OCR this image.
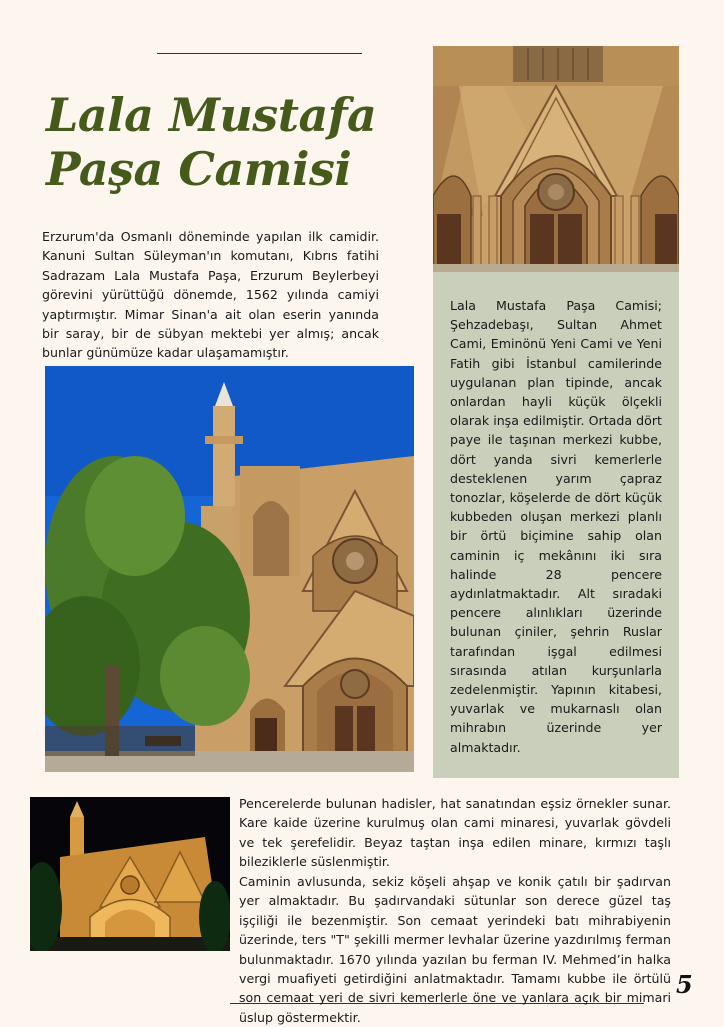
Lala Mustafa
Paşa Camisi

Erzurum'da Osmanlı döneminde yapılan ilk camidir. Kanuni Sultan Süleyman'ın komutanı, Kıbrıs fatihi Sadrazam Lala Mustafa Paşa, Erzurum Beylerbeyi görevini yürüttüğü dönemde, 1562 yılında camiyi yaptırmıştır. Mimar Sinan'a ait olan eserin yanında bir saray, bir de sübyan mektebi yer almış; ancak bunlar günümüze kadar ulaşamamıştır.

Lala Mustafa Paşa Camisi; Şehzadebaşı, Sultan Ahmet Cami, Eminönü Yeni Cami ve Yeni Fatih gibi İstanbul camilerinde uygulanan plan tipinde, ancak onlardan hayli küçük ölçekli olarak inşa edilmiştir. Ortada dört paye ile taşınan merkezi kubbe, dört yanda sivri kemerlerle desteklenen yarım çapraz tonozlar, köşelerde de dört küçük kubbeden oluşan merkezi planlı bir örtü biçimine sahip olan caminin iç mekânını iki sıra halinde 28 pencere aydınlatmaktadır. Alt sıradaki pencere alınlıkları üzerinde bulunan çiniler, şehrin Ruslar tarafından işgal edilmesi sırasında atılan kurşunlarla zedelenmiştir. Yapının kitabesi, yuvarlak ve mukarnaslı olan mihrabın üzerinde yer almaktadır.

Pencerelerde bulunan hadisler, hat sanatından eşsiz örnekler sunar. Kare kaide üzerine kurulmuş olan cami minaresi, yuvarlak gövdeli ve tek şerefelidir. Beyaz taştan inşa edilen minare, kırmızı taşlı bileziklerle süslenmiştir.

Caminin avlusunda, sekiz köşeli ahşap ve konik çatılı bir şadırvan yer almaktadır. Bu şadırvandaki sütunlar son derece güzel taş işçiliği ile bezenmiştir. Son cemaat yerindeki batı mihrabiyenin üzerinde, ters "T" şekilli mermer levhalar üzerine yazdırılmış ferman bulunmaktadır. 1670 yılında yazılan bu ferman IV. Mehmed’in halka vergi muafiyeti getirdiğini anlatmaktadır. Tamamı kubbe ile örtülü son cemaat yeri de sivri kemerlerle öne ve yanlara açık bir mimari üslup göstermektir.

5
